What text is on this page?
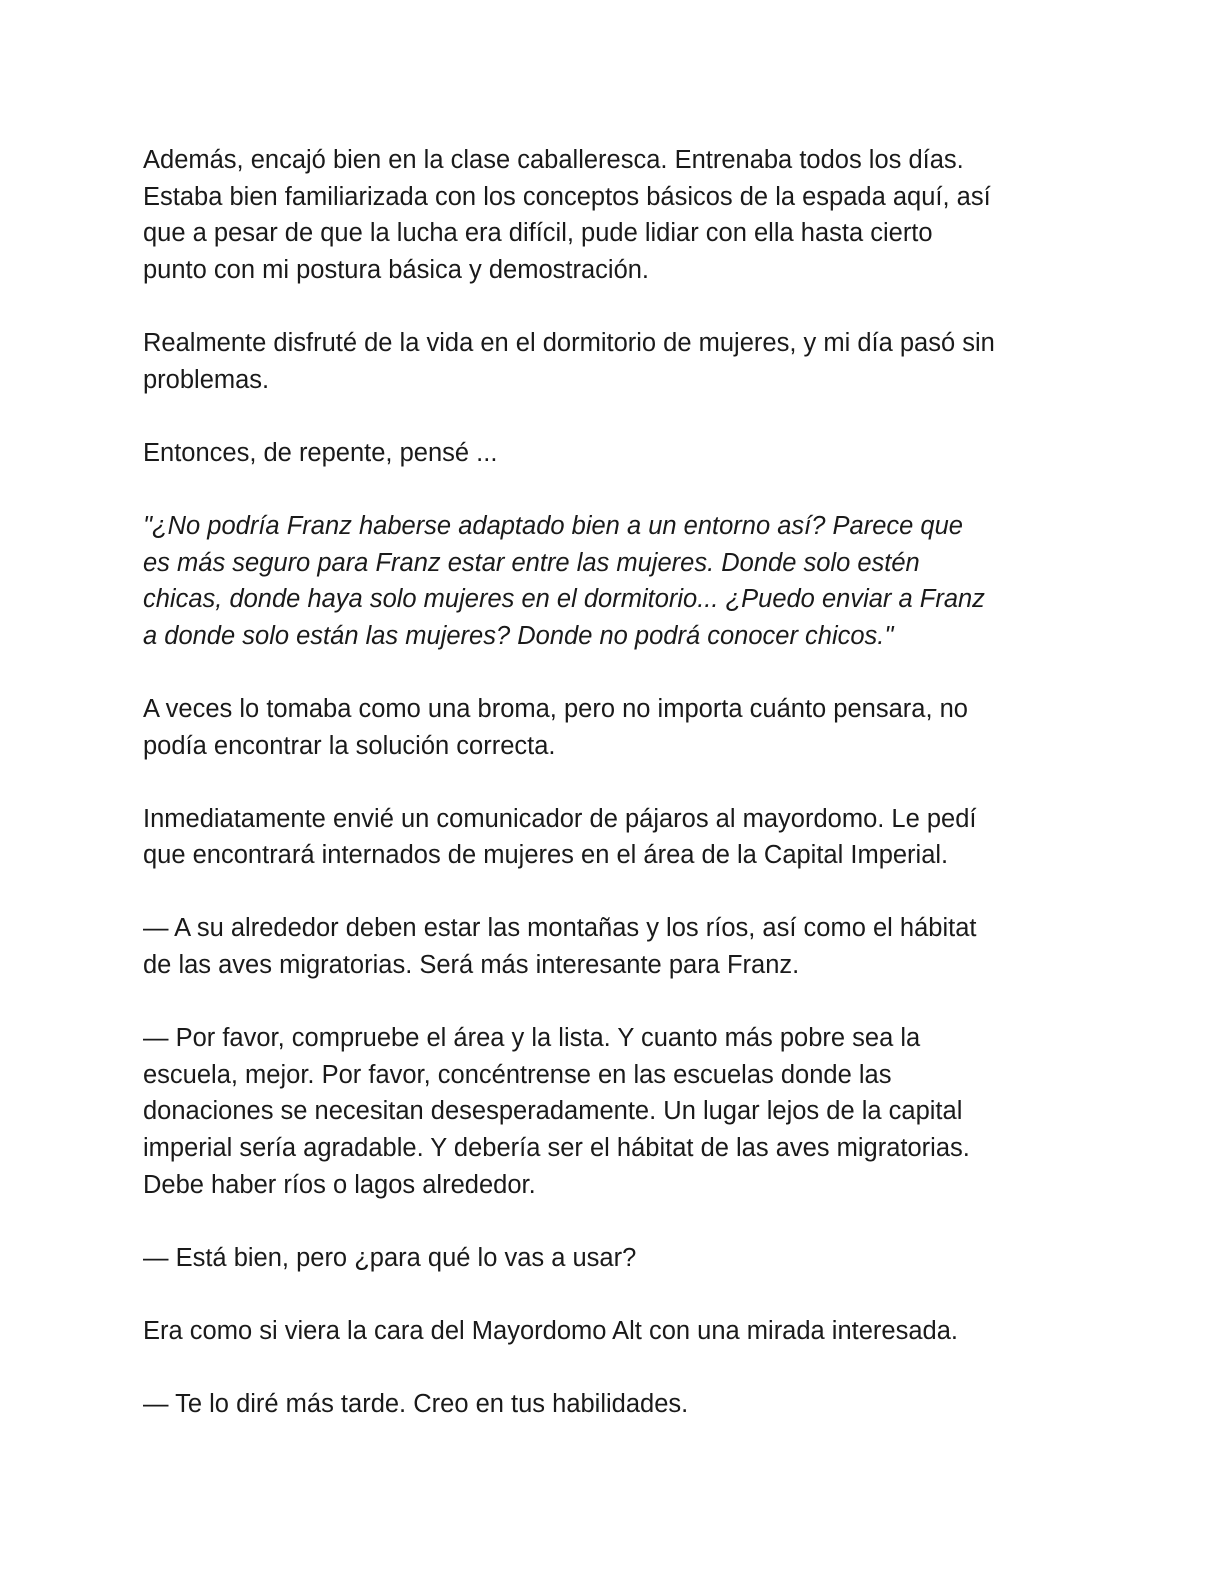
Además, encajó bien en la clase caballeresca. Entrenaba todos los días.
Estaba bien familiarizada con los conceptos básicos de la espada aquí, así
que a pesar de que la lucha era difícil, pude lidiar con ella hasta cierto
punto con mi postura básica y demostración.

Realmente disfruté de la vida en el dormitorio de mujeres, y mi día pasó sin
problemas.

Entonces, de repente, pensé ...

"¿No podría Franz haberse adaptado bien a un entorno así? Parece que
es más seguro para Franz estar entre las mujeres. Donde solo estén
chicas, donde haya solo mujeres en el dormitorio... ¿Puedo enviar a Franz
a donde solo están las mujeres? Donde no podrá conocer chicos."

A veces lo tomaba como una broma, pero no importa cuánto pensara, no
podía encontrar la solución correcta.

Inmediatamente envié un comunicador de pájaros al mayordomo. Le pedí
que encontrará internados de mujeres en el área de la Capital Imperial.

— A su alrededor deben estar las montañas y los ríos, así como el hábitat
de las aves migratorias. Será más interesante para Franz.

— Por favor, compruebe el área y la lista. Y cuanto más pobre sea la
escuela, mejor. Por favor, concéntrense en las escuelas donde las
donaciones se necesitan desesperadamente. Un lugar lejos de la capital
imperial sería agradable. Y debería ser el hábitat de las aves migratorias.
Debe haber ríos o lagos alrededor.

— Está bien, pero ¿para qué lo vas a usar?

Era como si viera la cara del Mayordomo Alt con una mirada interesada.

— Te lo diré más tarde. Creo en tus habilidades.
